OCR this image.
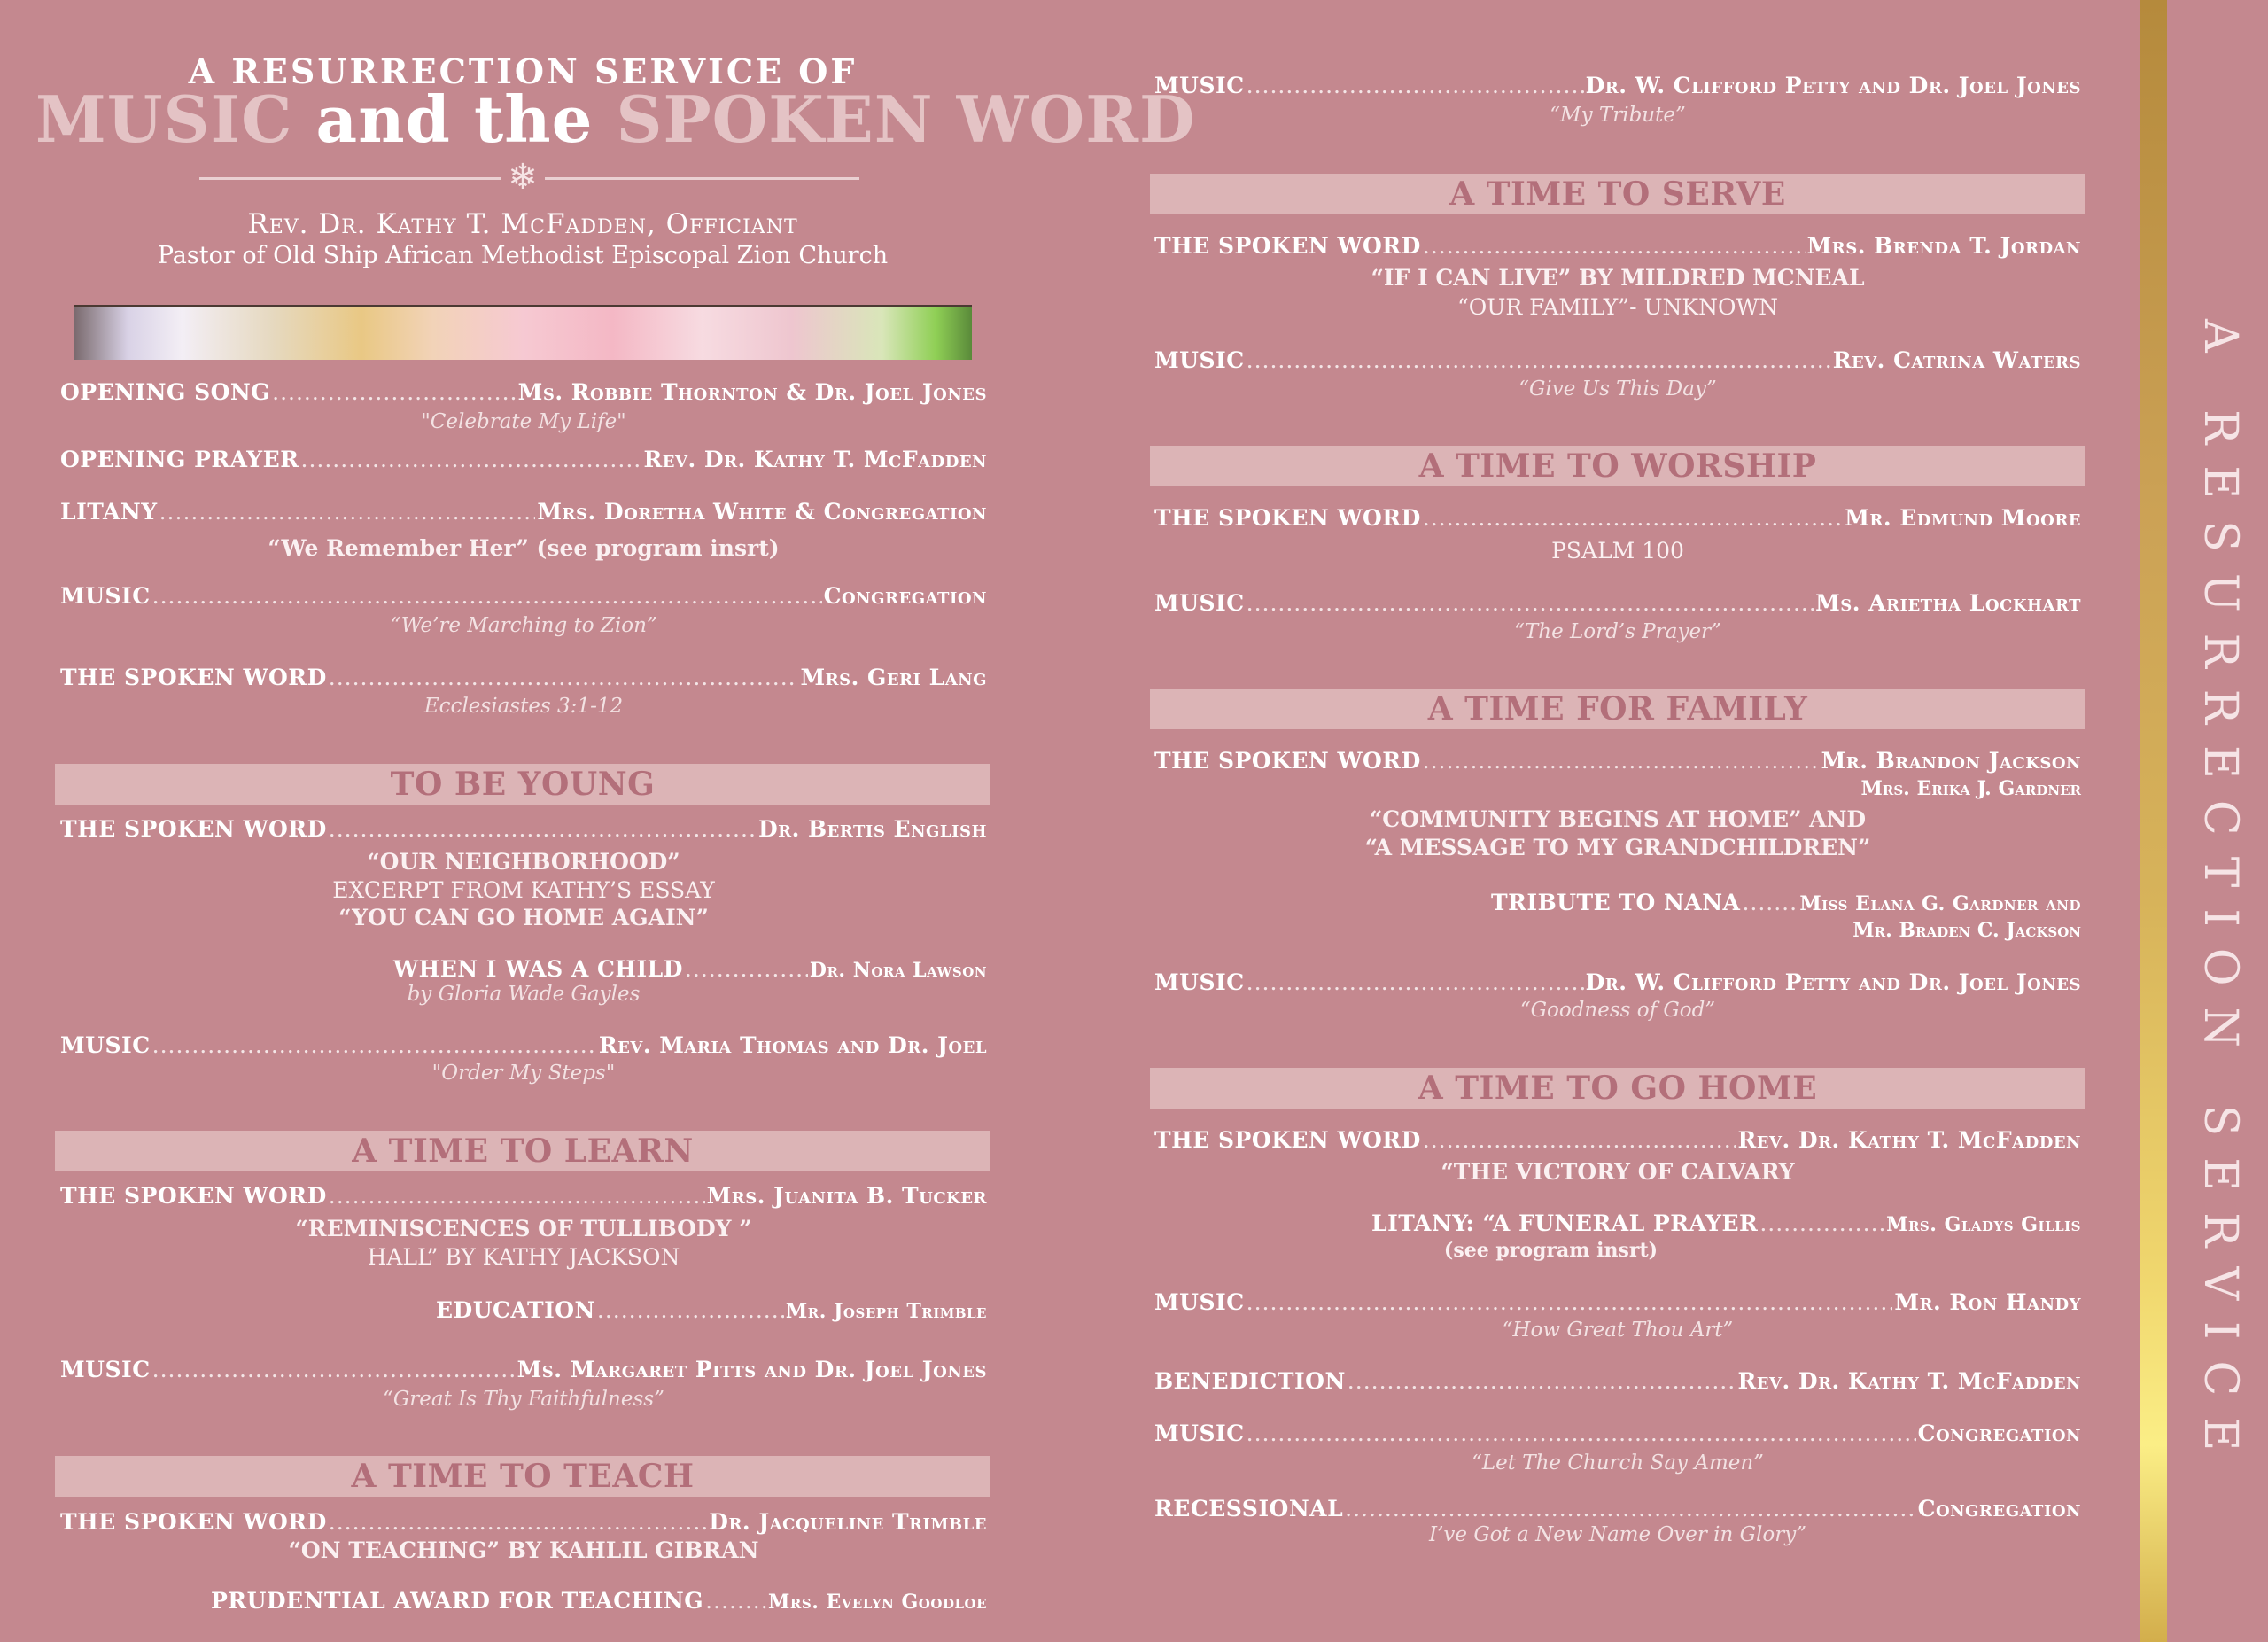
A RESURRECTION SERVICE OF
MUSIC and the SPOKEN WORD
❄
Rev. Dr. Kathy T. McFadden, Officiant
Pastor of Old Ship African Methodist Episcopal Zion Church
OPENING SONG .....	Ms. Robbie Thornton & Dr. Joel Jones
"Celebrate My Life"
OPENING PRAYER .....	Rev. Dr. Kathy T. McFadden
LITANY .....	Mrs. Doretha White & Congregation
“We Remember Her” (see program insrt)
MUSIC .....	Congregation
“We’re Marching to Zion”
THE SPOKEN WORD .....	Mrs. Geri Lang
Ecclesiastes 3:1-12
TO BE YOUNG
THE SPOKEN WORD .....	Dr. Bertis English
“OUR NEIGHBORHOOD”
EXCERPT FROM KATHY’S ESSAY
“YOU CAN GO HOME AGAIN”
WHEN I WAS A CHILD .....	Dr. Nora Lawson
by Gloria Wade Gayles
MUSIC .....	Rev. Maria Thomas and Dr. Joel
"Order My Steps"
A TIME TO LEARN
THE SPOKEN WORD .....	Mrs. Juanita B. Tucker
“REMINISCENCES OF TULLIBODY ”
HALL” BY KATHY JACKSON
EDUCATION .....	Mr. Joseph Trimble
MUSIC .....	Ms. Margaret Pitts and Dr. Joel Jones
“Great Is Thy Faithfulness”
A TIME TO TEACH
THE SPOKEN WORD .....	Dr. Jacqueline Trimble
“ON TEACHING” BY KAHLIL GIBRAN
PRUDENTIAL AWARD FOR TEACHING .....	Mrs. Evelyn Goodloe
MUSIC .....	Dr. W. Clifford Petty and Dr. Joel Jones
“My Tribute”
A TIME TO SERVE
THE SPOKEN WORD .....	Mrs. Brenda T. Jordan
“IF I CAN LIVE” BY MILDRED MCNEAL
“OUR FAMILY”- UNKNOWN
MUSIC .....	Rev. Catrina Waters
“Give Us This Day”
A TIME TO WORSHIP
THE SPOKEN WORD .....	Mr. Edmund Moore
PSALM 100
MUSIC .....	Ms. Arietha Lockhart
“The Lord’s Prayer”
A TIME FOR FAMILY
THE SPOKEN WORD .....	Mr. Brandon Jackson
Mrs. Erika J. Gardner
“COMMUNITY BEGINS AT HOME” AND
“A MESSAGE TO MY GRANDCHILDREN”
TRIBUTE TO NANA .....	Miss Elana G. Gardner and
Mr. Braden C. Jackson
MUSIC .....	Dr. W. Clifford Petty and Dr. Joel Jones
“Goodness of God”
A TIME TO GO HOME
THE SPOKEN WORD .....	Rev. Dr. Kathy T. McFadden
“THE VICTORY OF CALVARY
LITANY: “A FUNERAL PRAYER .....	Mrs. Gladys Gillis
(see program insrt)
MUSIC .....	Mr. Ron Handy
“How Great Thou Art”
BENEDICTION .....	Rev. Dr. Kathy T. McFadden
MUSIC .....	Congregation
“Let The Church Say Amen”
RECESSIONAL .....	Congregation
I’ve Got a New Name Over in Glory”
A RESURRECTION SERVICE
